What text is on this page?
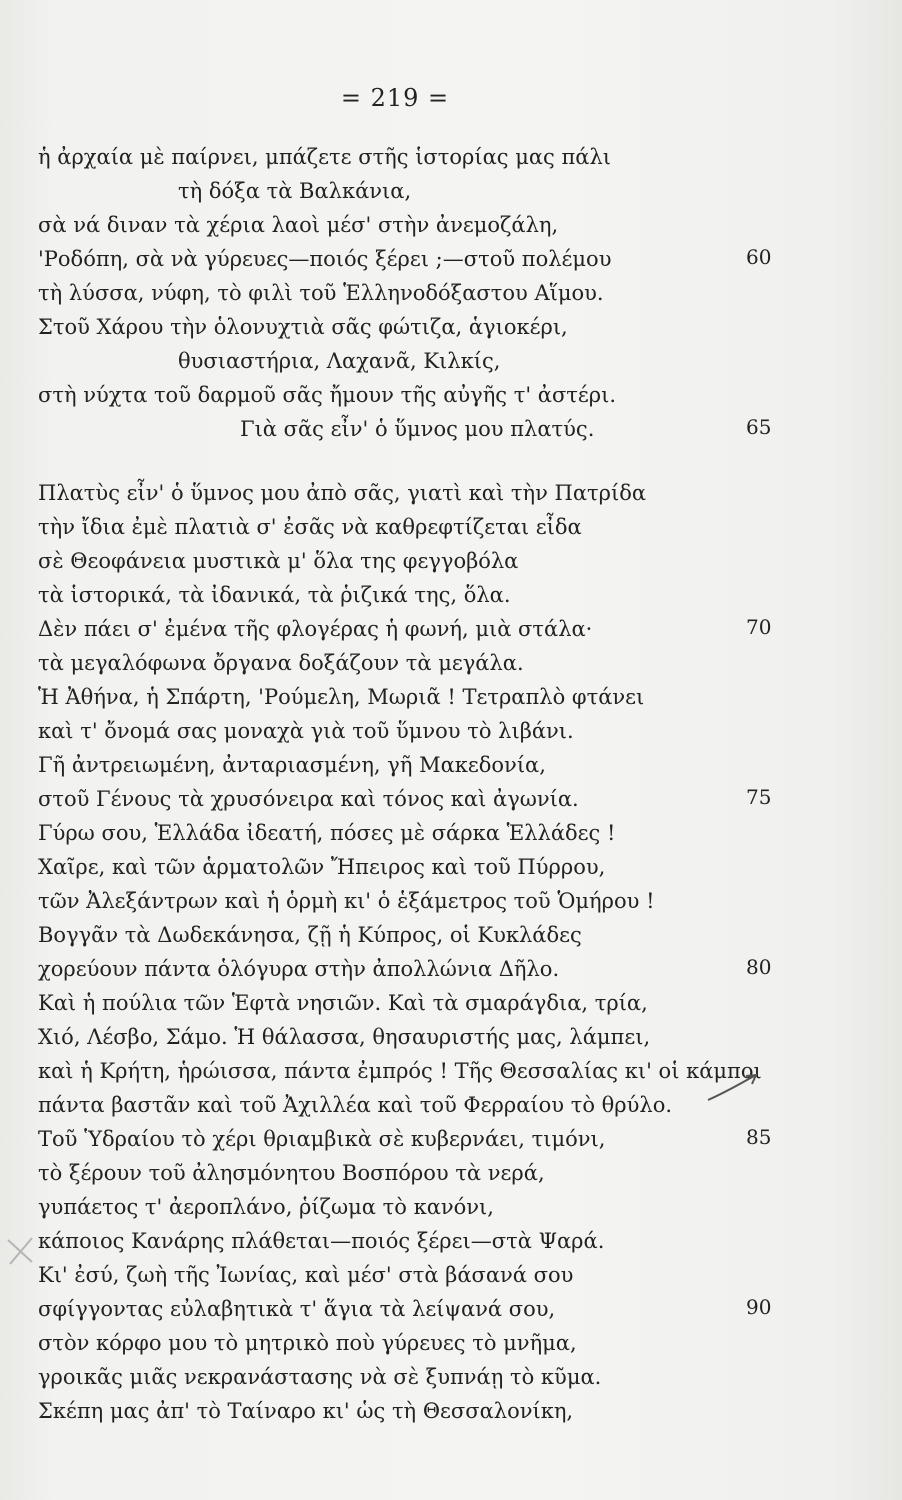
= 219 =
ἡ ἀρχαία μὲ παίρνει, μπάζετε στῆς ἱστορίας μας πάλι
τὴ δόξα τὰ Βαλκάνια,
σὰ νά διναν τὰ χέρια λαοὶ μέσ' στὴν ἀνεμοζάλη,
'Ροδόπη, σὰ νὰ γύρευες—ποιός ξέρει ;—στοῦ πολέμου	60
τὴ λύσσα, νύφη, τὸ φιλὶ τοῦ Ἑλληνοδόξαστου Αἵμου.
Στοῦ Χάρου τὴν ὁλονυχτιὰ σᾶς φώτιζα, ἁγιοκέρι,
θυσιαστήρια, Λαχανᾶ, Κιλκίς,
στὴ νύχτα τοῦ δαρμοῦ σᾶς ἤμουν τῆς αὐγῆς τ' ἀστέρι.
Γιὰ σᾶς εἶν' ὁ ὕμνος μου πλατύς.	65
Πλατὺς εἶν' ὁ ὕμνος μου ἀπὸ σᾶς, γιατὶ καὶ τὴν Πατρίδα
τὴν ἴδια ἐμὲ πλατιὰ σ' ἐσᾶς νὰ καθρεφτίζεται εἶδα
σὲ Θεοφάνεια μυστικὰ μ' ὅλα της φεγγοβόλα
τὰ ἱστορικά, τὰ ἰδανικά, τὰ ῥιζικά της, ὅλα.
Δὲν πάει σ' ἐμένα τῆς φλογέρας ἡ φωνή, μιὰ στάλα·	70
τὰ μεγαλόφωνα ὄργανα δοξάζουν τὰ μεγάλα.
Ἡ Ἀθήνα, ἡ Σπάρτη, 'Ρούμελη, Μωριᾶ ! Τετραπλὸ φτάνει
καὶ τ' ὄνομά σας μοναχὰ γιὰ τοῦ ὕμνου τὸ λιβάνι.
Γῆ ἀντρειωμένη, ἀνταριασμένη, γῆ Μακεδονία,
στοῦ Γένους τὰ χρυσόνειρα καὶ τόνος καὶ ἀγωνία.	75
Γύρω σου, Ἑλλάδα ἰδεατή, πόσες μὲ σάρκα Ἑλλάδες !
Χαῖρε, καὶ τῶν ἁρματολῶν Ἤπειρος καὶ τοῦ Πύρρου,
τῶν Ἀλεξάντρων καὶ ἡ ὁρμὴ κι' ὁ ἑξάμετρος τοῦ Ὁμήρου !
Βογγᾶν τὰ Δωδεκάνησα, ζῇ ἡ Κύπρος, οἱ Κυκλάδες
χορεύουν πάντα ὁλόγυρα στὴν ἀπολλώνια Δῆλο.	80
Καὶ ἡ πούλια τῶν Ἑφτὰ νησιῶν. Καὶ τὰ σμαράγδια, τρία,
Χιό, Λέσβο, Σάμο. Ἡ θάλασσα, θησαυριστής μας, λάμπει,
καὶ ἡ Κρήτη, ἡρώισσα, πάντα ἐμπρός ! Τῆς Θεσσαλίας κι' οἱ κάμποι
πάντα βαστᾶν καὶ τοῦ Ἀχιλλέα καὶ τοῦ Φερραίου τὸ θρύλο.
Τοῦ Ὑδραίου τὸ χέρι θριαμβικὰ σὲ κυβερνάει, τιμόνι,	85
τὸ ξέρουν τοῦ ἀλησμόνητου Βοσπόρου τὰ νερά,
γυπάετος τ' ἀεροπλάνο, ῥίζωμα τὸ κανόνι,
κάποιος Κανάρης πλάθεται—ποιός ξέρει—στὰ Ψαρά.
Κι' ἐσύ, ζωὴ τῆς Ἰωνίας, καὶ μέσ' στὰ βάσανά σου
σφίγγοντας εὐλαβητικὰ τ' ἅγια τὰ λείψανά σου,	90
στὸν κόρφο μου τὸ μητρικὸ ποὺ γύρευες τὸ μνῆμα,
γροικᾶς μιᾶς νεκρανάστασης νὰ σὲ ξυπνάῃ τὸ κῦμα.
Σκέπη μας ἀπ' τὸ Ταίναρο κι' ὡς τὴ Θεσσαλονίκη,
